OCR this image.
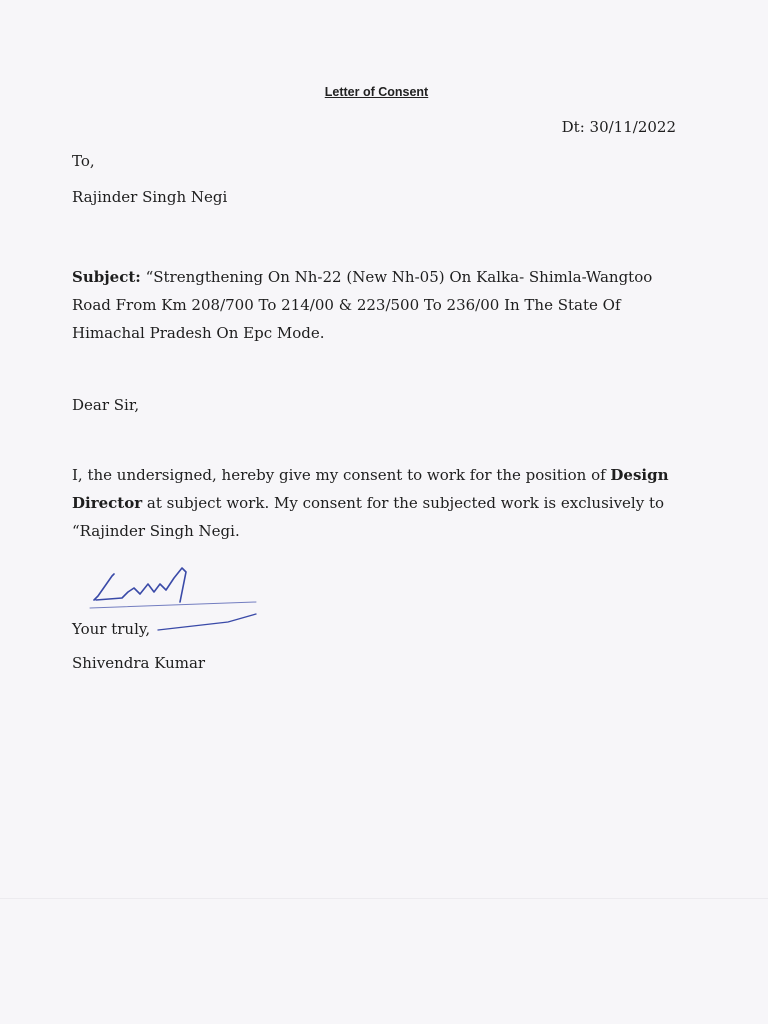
Letter of Consent
Dt: 30/11/2022
To,
Rajinder Singh Negi
Subject: “Strengthening On Nh-22 (New Nh-05) On Kalka- Shimla-Wangtoo Road From Km 208/700 To 214/00 & 223/500 To 236/00 In The State Of Himachal Pradesh On Epc Mode.
Dear Sir,
I, the undersigned, hereby give my consent to work for the position of Design Director at subject work. My consent for the subjected work is exclusively to “Rajinder Singh Negi.
Your truly,
Shivendra Kumar
